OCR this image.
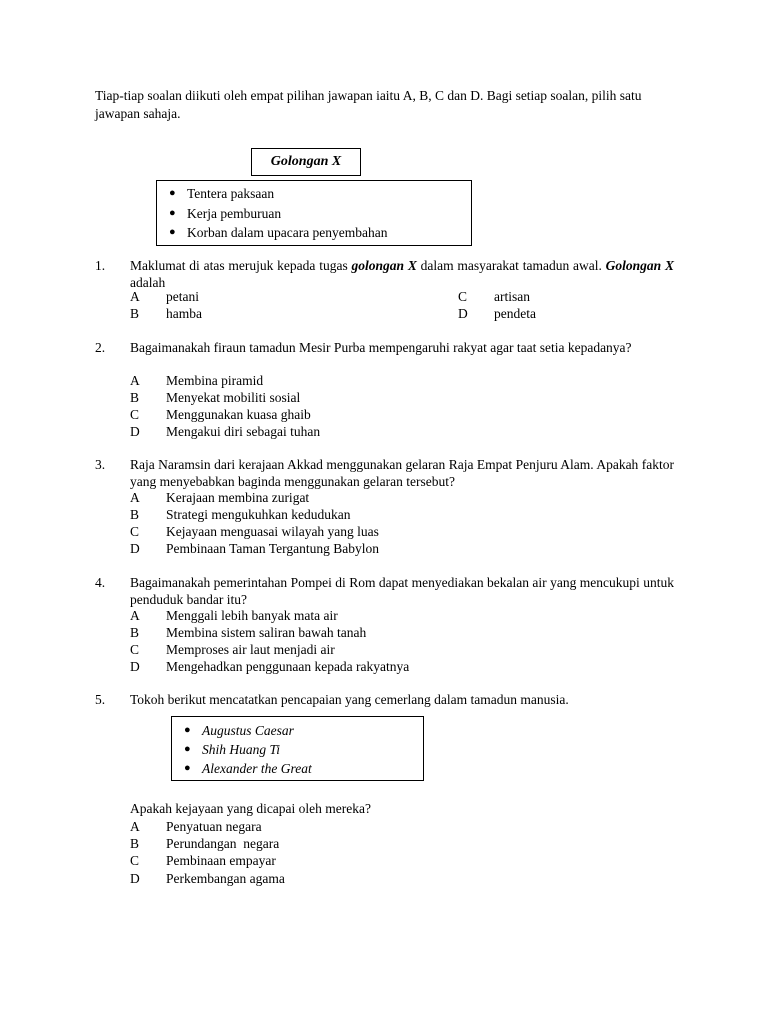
Tiap-tiap soalan diikuti oleh empat pilihan jawapan iaitu A, B, C dan D. Bagi setiap soalan, pilih satu jawapan sahaja.
Golongan X
● Tentera paksaan
● Kerja pemburuan
● Korban dalam upacara penyembahan
1.	Maklumat di atas merujuk kepada tugas golongan X dalam masyarakat tamadun awal. Golongan X adalah
A petani	C artisan
B hamba	D pendeta
2.	Bagaimanakah firaun tamadun Mesir Purba mempengaruhi rakyat agar taat setia kepadanya?
A Membina piramid
B Menyekat mobiliti sosial
C Menggunakan kuasa ghaib
D Mengakui diri sebagai tuhan
3.	Raja Naramsin dari kerajaan Akkad menggunakan gelaran Raja Empat Penjuru Alam. Apakah faktor yang menyebabkan baginda menggunakan gelaran tersebut?
A Kerajaan membina zurigat
B Strategi mengukuhkan kedudukan
C Kejayaan menguasai wilayah yang luas
D Pembinaan Taman Tergantung Babylon
4.	Bagaimanakah pemerintahan Pompei di Rom dapat menyediakan bekalan air yang mencukupi untuk penduduk bandar itu?
A Menggali lebih banyak mata air
B Membina sistem saliran bawah tanah
C Memproses air laut menjadi air
D Mengehadkan penggunaan kepada rakyatnya
5.	Tokoh berikut mencatatkan pencapaian yang cemerlang dalam tamadun manusia.
● Augustus Caesar
● Shih Huang Ti
● Alexander the Great
Apakah kejayaan yang dicapai oleh mereka?
A Penyatuan negara
B Perundangan  negara
C Pembinaan empayar
D Perkembangan agama
